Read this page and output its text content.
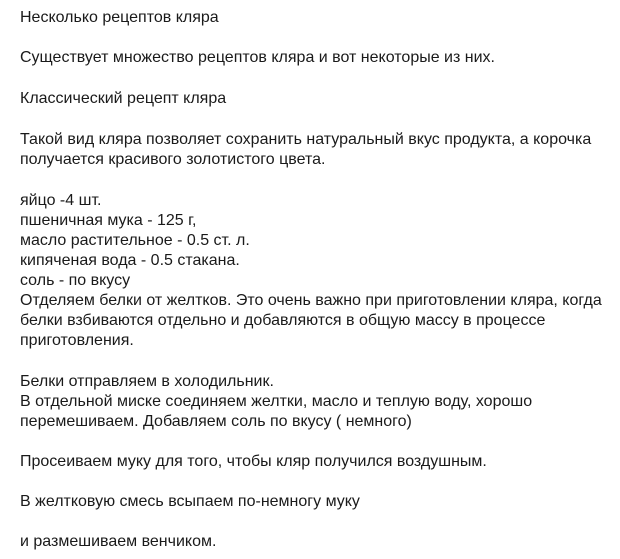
Несколько рецептов кляра
Существует множество рецептов кляра и вот некоторые из них.
Классический рецепт кляра
Такой вид кляра позволяет сохранить натуральный вкус продукта, а корочка
получается красивого золотистого цвета.
яйцо -4 шт.
пшеничная мука - 125 г,
масло растительное - 0.5 ст. л.
кипяченая вода - 0.5 стакана.
соль - по вкусу
Отделяем белки от желтков. Это очень важно при приготовлении кляра, когда
белки взбиваются отдельно и добавляются в общую массу в процессе
приготовления.
Белки отправляем в холодильник.
В отдельной миске соединяем желтки, масло и теплую воду, хорошо
перемешиваем. Добавляем соль по вкусу ( немного)
Просеиваем муку для того, чтобы кляр получился воздушным.
В желтковую смесь всыпаем по-немногу муку
и размешиваем венчиком.
